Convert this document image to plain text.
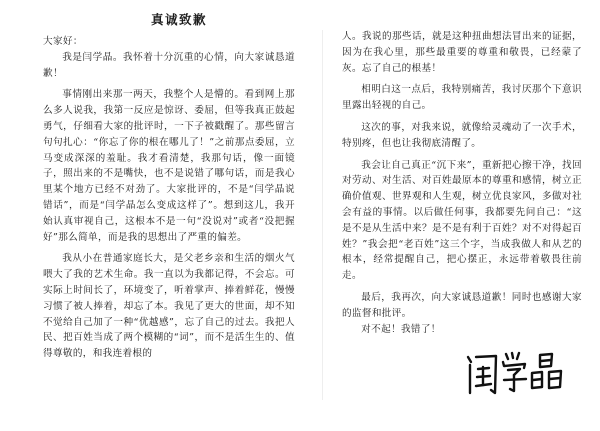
真诚致歉

大家好：

我是闫学晶。我怀着十分沉重的心情，向大家诚恳道歉！

事情刚出来那一两天，我整个人是懵的。看到网上那么多人说我，我第一反应是惊讶、委屈，但等我真正鼓起勇气，仔细看大家的批评时，一下子被戳醒了。那些留言句句扎心：“你忘了你的根在哪儿了！”之前那点委屈，立马变成深深的羞耻。我才看清楚，我那句话，像一面镜子，照出来的不是嘴快，也不是说错了哪句话，而是我心里某个地方已经不对劲了。大家批评的，不是“闫学晶说错话”，而是“闫学晶怎么变成这样了”。想到这儿，我开始认真审视自己，这根本不是一句“没说对”或者“没把握好”那么简单，而是我的思想出了严重的偏差。

我从小在普通家庭长大，是父老乡亲和生活的烟火气喂大了我的艺术生命。我一直以为我都记得，不会忘。可实际上时间长了，环境变了，听着掌声、捧着鲜花，慢慢习惯了被人捧着，却忘了本。我见了更大的世面，却不知不觉给自己加了一种“优越感”，忘了自己的过去。我把人民、把百姓当成了两个模糊的“词”，而不是活生生的、值得尊敬的，和我连着根的

人。我说的那些话，就是这种扭曲想法冒出来的证据，因为在我心里，那些最重要的尊重和敬畏，已经蒙了灰。忘了自己的根基！

相明白这一点后，我特别痛苦，我讨厌那个下意识里露出轻视的自己。

这次的事，对我来说，就像给灵魂动了一次手术，特别疼，但也让我彻底清醒了。

我会让自己真正“沉下来”，重新把心擦干净，找回对劳动、对生活、对百姓最原本的尊重和感情，树立正确价值观、世界观和人生观，树立优良家风，多做对社会有益的事情。以后做任何事，我都要先问自己：“这是不是从生活中来？是不是有利于百姓？对不对得起百姓？”我会把“老百姓”这三个字，当成我做人和从艺的根本，经常提醒自己，把心摆正，永远带着敬畏往前走。

最后，我再次，向大家诚恳道歉！同时也感谢大家的监督和批评。

对不起！我错了！
